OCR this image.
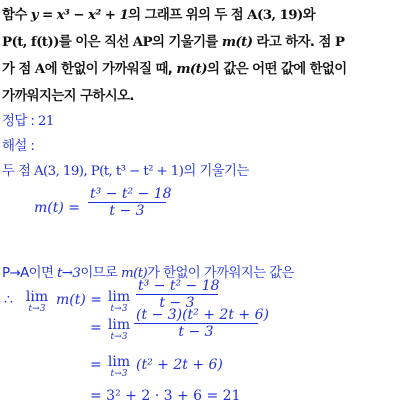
함수 y = x³ − x² + 1의 그래프 위의 두 점 A(3, 19)와
P(t, f(t))를 이은 직선 AP의 기울기를 m(t) 라고 하자. 점 P
가 점 A에 한없이 가까워질 때, m(t)의 값은 어떤 값에 한없이
가까워지는지 구하시오.
정답 : 21
해설 :
두 점 A(3, 19), P(t, t³ − t² + 1)의 기울기는
$m(t) = \frac{\text{t³ − t² − 18}}{t - 3}$
P→A이면 t→3이므로 m(t)가 한없이 가까워지는 값은
∴ lim
t→3
m(t) = lim
$t\to 3 \frac{\text{t³ − t² − 18}}{t - 3}$
= lim
$t\to 3 \frac{\text{(t − 3)(t² + 2t + 6)}}{t - 3}$
= lim
t→3
(t² + 2t + 6)
= 3² + 2 · 3 + 6 = 21
